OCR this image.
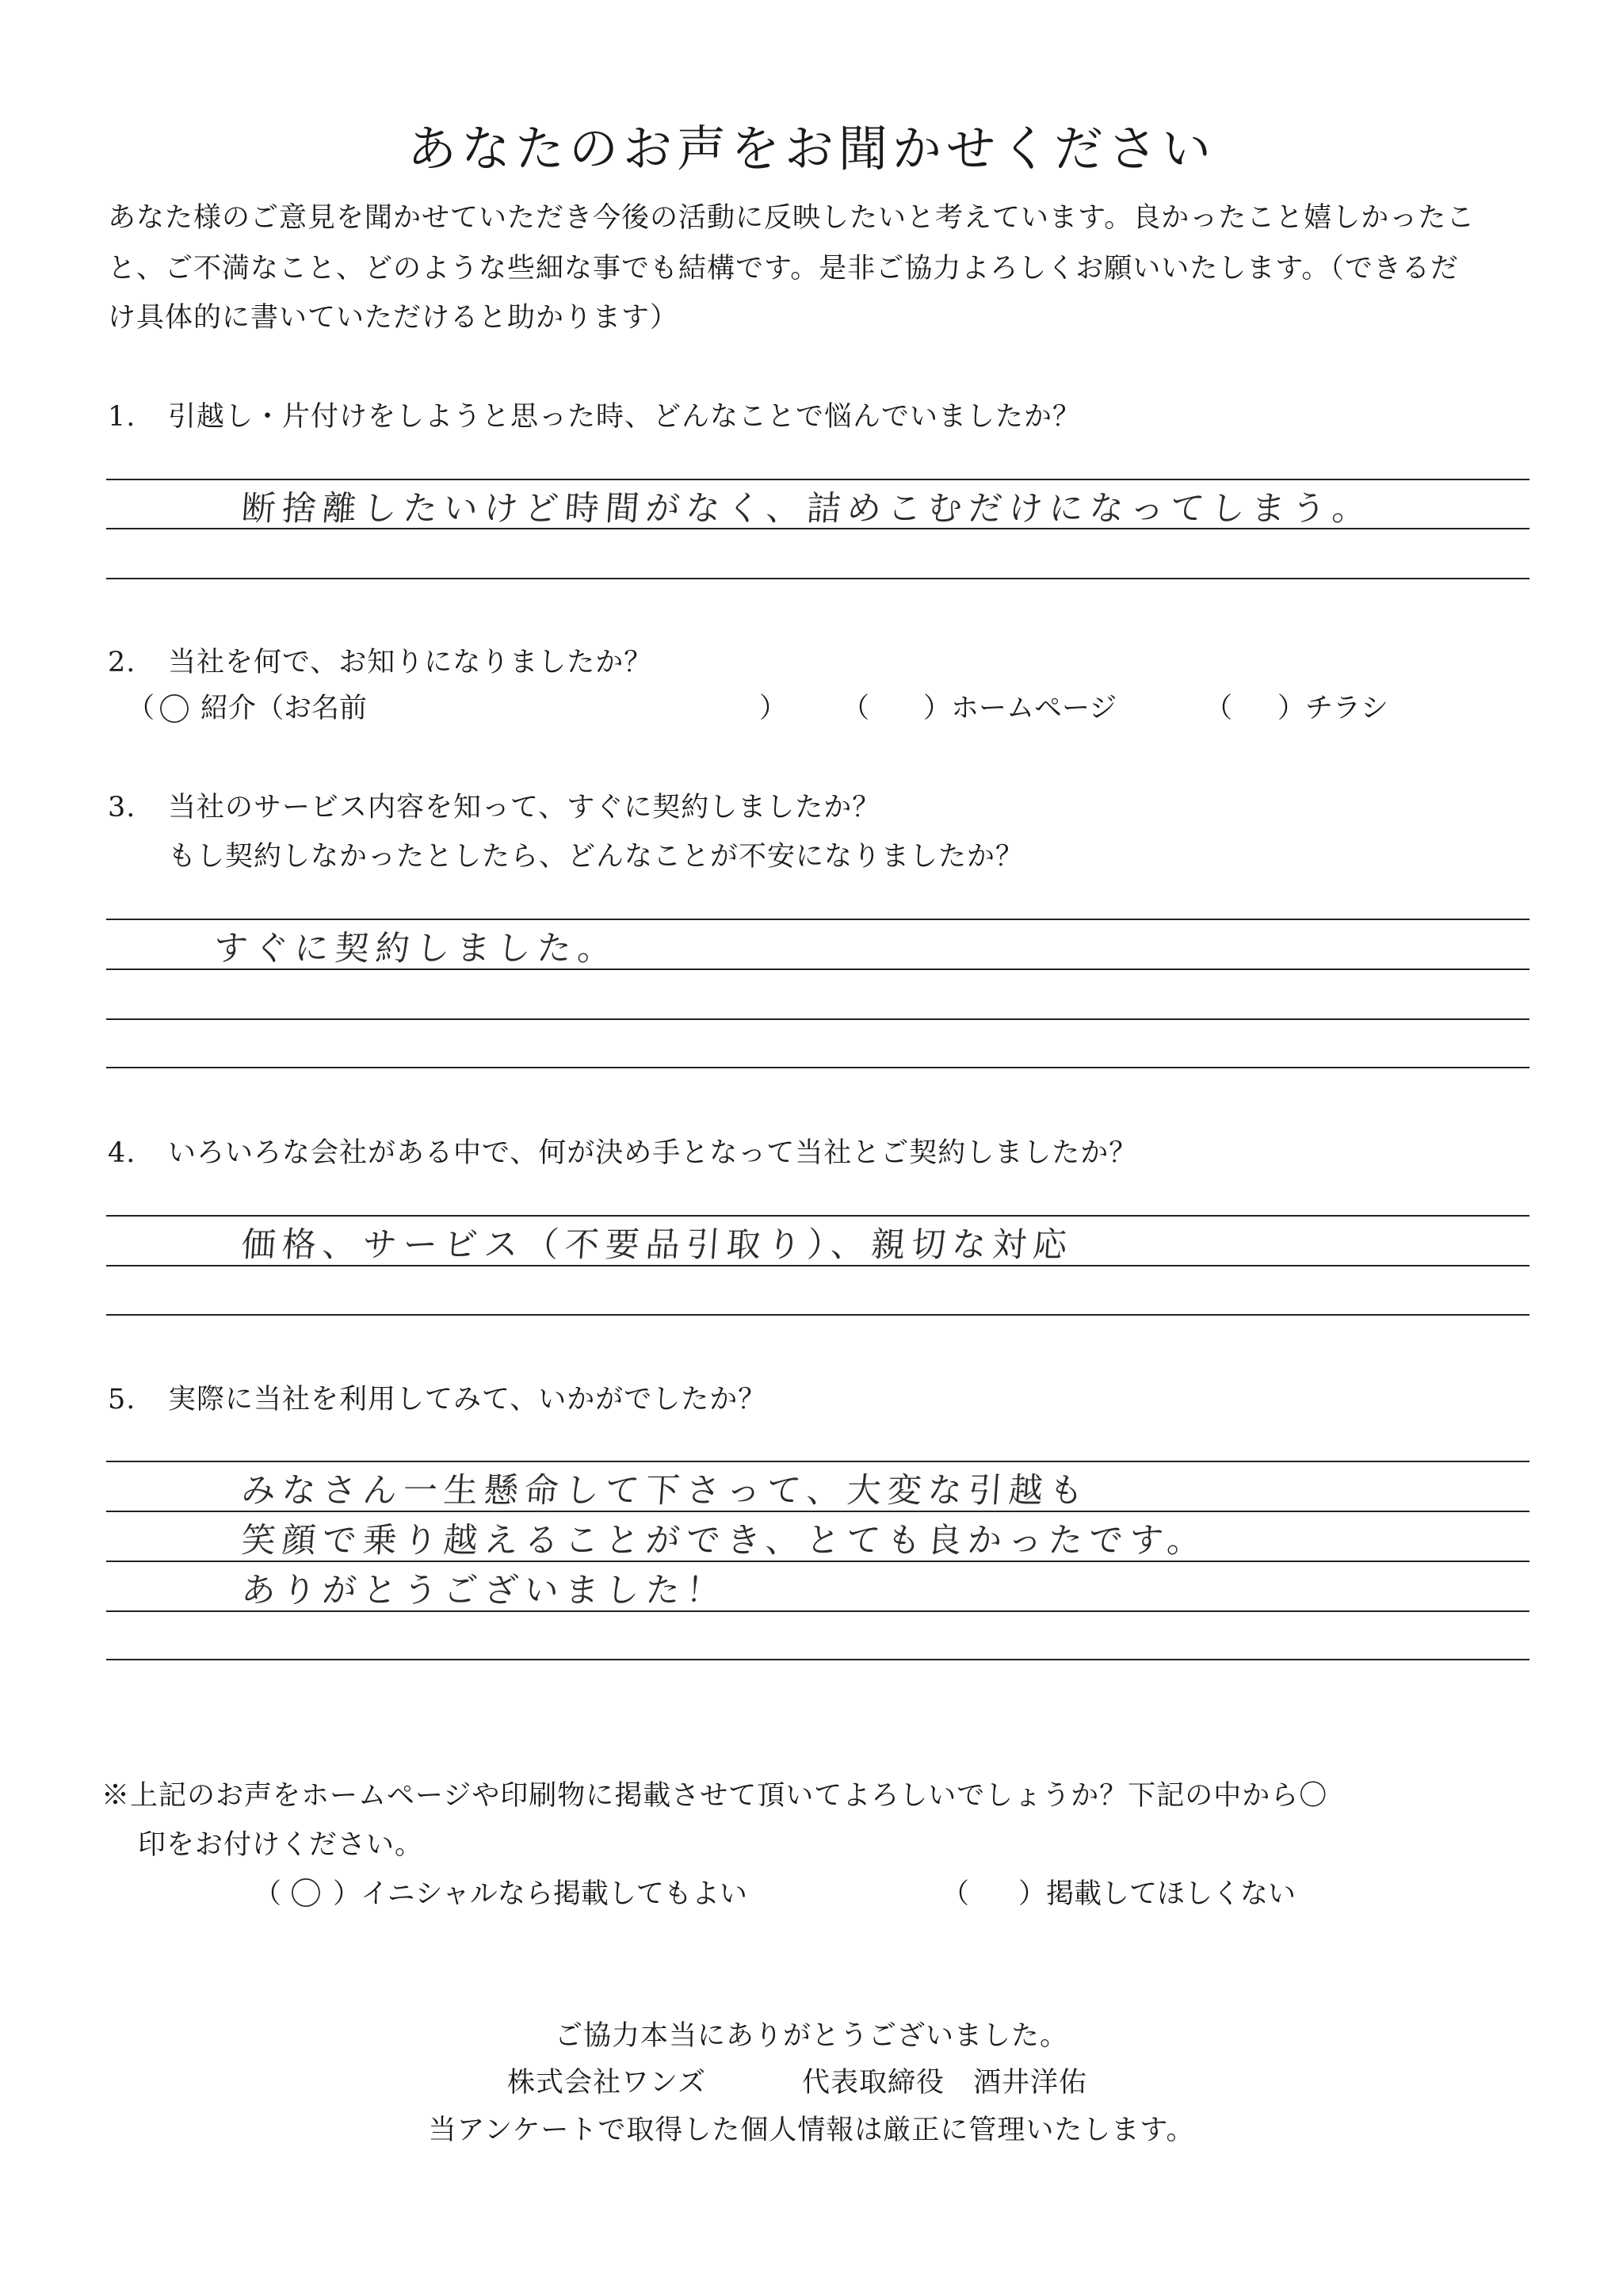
あなたのお声をお聞かせください
あなた様のご意見を聞かせていただき今後の活動に反映したいと考えています。良かったこと嬉しかったこ
と、ご不満なこと、どのような些細な事でも結構です。是非ご協力よろしくお願いいたします。（できるだ
け具体的に書いていただけると助かります）
1. 引越し・片付けをしようと思った時、どんなことで悩んでいましたか？
断捨離したいけど時間がなく、詰めこむだけになってしまう。
2. 当社を何で、お知りになりましたか？
（ 〇 紹介（お名前	） （ ）ホームページ	（ ）チラシ
3. 当社のサービス内容を知って、すぐに契約しましたか？
もし契約しなかったとしたら、どんなことが不安になりましたか？
すぐに契約しました。
4. いろいろな会社がある中で、何が決め手となって当社とご契約しましたか？
価格、サービス（不要品引取り）、親切な対応
5. 実際に当社を利用してみて、いかがでしたか？
みなさん一生懸命して下さって、大変な引越も
笑顔で乗り越えることができ、とても良かったです。
ありがとうございました！
※上記のお声をホームページや印刷物に掲載させて頂いてよろしいでしょうか？下記の中から〇
印をお付けください。
（ 〇 ）イニシャルなら掲載してもよい	（ ）掲載してほしくない
ご協力本当にありがとうございました。
株式会社ワンズ	代表取締役　酒井洋佑
当アンケートで取得した個人情報は厳正に管理いたします。
